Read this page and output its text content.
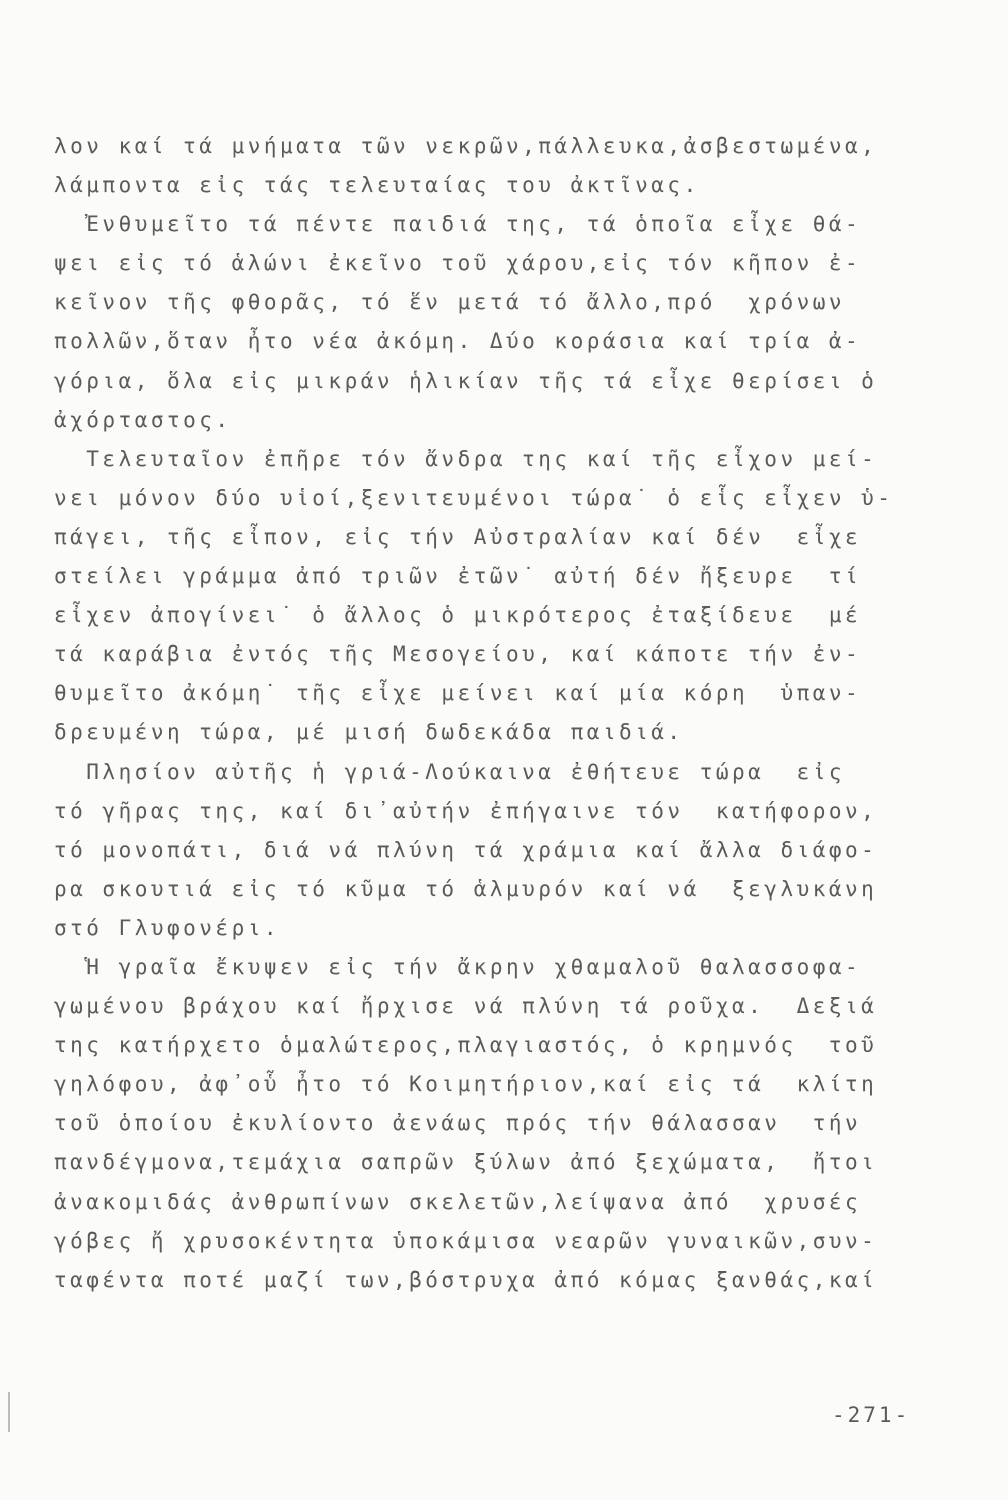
λον καί τά μνήματα τῶν νεκρῶν,πάλλευκα,ἀσβεστωμένα,
λάμποντα εἰς τάς τελευταίας του ἀκτῖνας.
Ἐνθυμεῖτο τά πέντε παιδιά της, τά ὁποῖα εἶχε θά-
ψει εἰς τό ἁλώνι ἐκεῖνο τοῦ χάρου,εἰς τόν κῆπον ἐ-
κεῖνον τῆς φθορᾶς, τό ἕν μετά τό ἄλλο,πρό  χρόνων
πολλῶν,ὅταν ἦτο νέα ἀκόμη. Δύο κοράσια καί τρία ἀ-
γόρια, ὅλα εἰς μικράν ἡλικίαν τῆς τά εἶχε θερίσει ὁ
ἀχόρταστος.
Τελευταῖον ἐπῆρε τόν ἄνδρα της καί τῆς εἶχον μεί-
νει μόνον δύο υἱοί,ξενιτευμένοι τώρα˙ ὁ εἷς εἶχεν ὑ-
πάγει, τῆς εἶπον, εἰς τήν Αὐστραλίαν καί δέν  εἶχε
στείλει γράμμα ἀπό τριῶν ἐτῶν˙ αὐτή δέν ἤξευρε  τί
εἶχεν ἀπογίνει˙ ὁ ἄλλος ὁ μικρότερος ἐταξίδευε  μέ
τά καράβια ἐντός τῆς Μεσογείου, καί κάποτε τήν ἐν-
θυμεῖτο ἀκόμη˙ τῆς εἶχε μείνει καί μία κόρη  ὑπαν-
δρευμένη τώρα, μέ μισή δωδεκάδα παιδιά.
Πλησίον αὐτῆς ἡ γριά-Λούκαινα ἐθήτευε τώρα  εἰς
τό γῆρας της, καί δι᾽αὐτήν ἐπήγαινε τόν  κατήφορον,
τό μονοπάτι, διά νά πλύνη τά χράμια καί ἄλλα διάφο-
ρα σκουτιά εἰς τό κῦμα τό ἁλμυρόν καί νά  ξεγλυκάνη
στό Γλυφονέρι.
Ἡ γραῖα ἔκυψεν εἰς τήν ἄκρην χθαμαλοῦ θαλασσοφα-
γωμένου βράχου καί ἤρχισε νά πλύνη τά ροῦχα.  Δεξιά
της κατήρχετο ὁμαλώτερος,πλαγιαστός, ὁ κρημνός  τοῦ
γηλόφου, ἀφ᾽οὗ ἦτο τό Κοιμητήριον,καί εἰς τά  κλίτη
τοῦ ὁποίου ἐκυλίοντο ἀενάως πρός τήν θάλασσαν  τήν
πανδέγμονα,τεμάχια σαπρῶν ξύλων ἀπό ξεχώματα,  ἤτοι
ἀνακομιδάς ἀνθρωπίνων σκελετῶν,λείψανα ἀπό  χρυσές
γόβες ἤ χρυσοκέντητα ὑποκάμισα νεαρῶν γυναικῶν,συν-
ταφέντα ποτέ μαζί των,βόστρυχα ἀπό κόμας ξανθάς,καί
-271-
